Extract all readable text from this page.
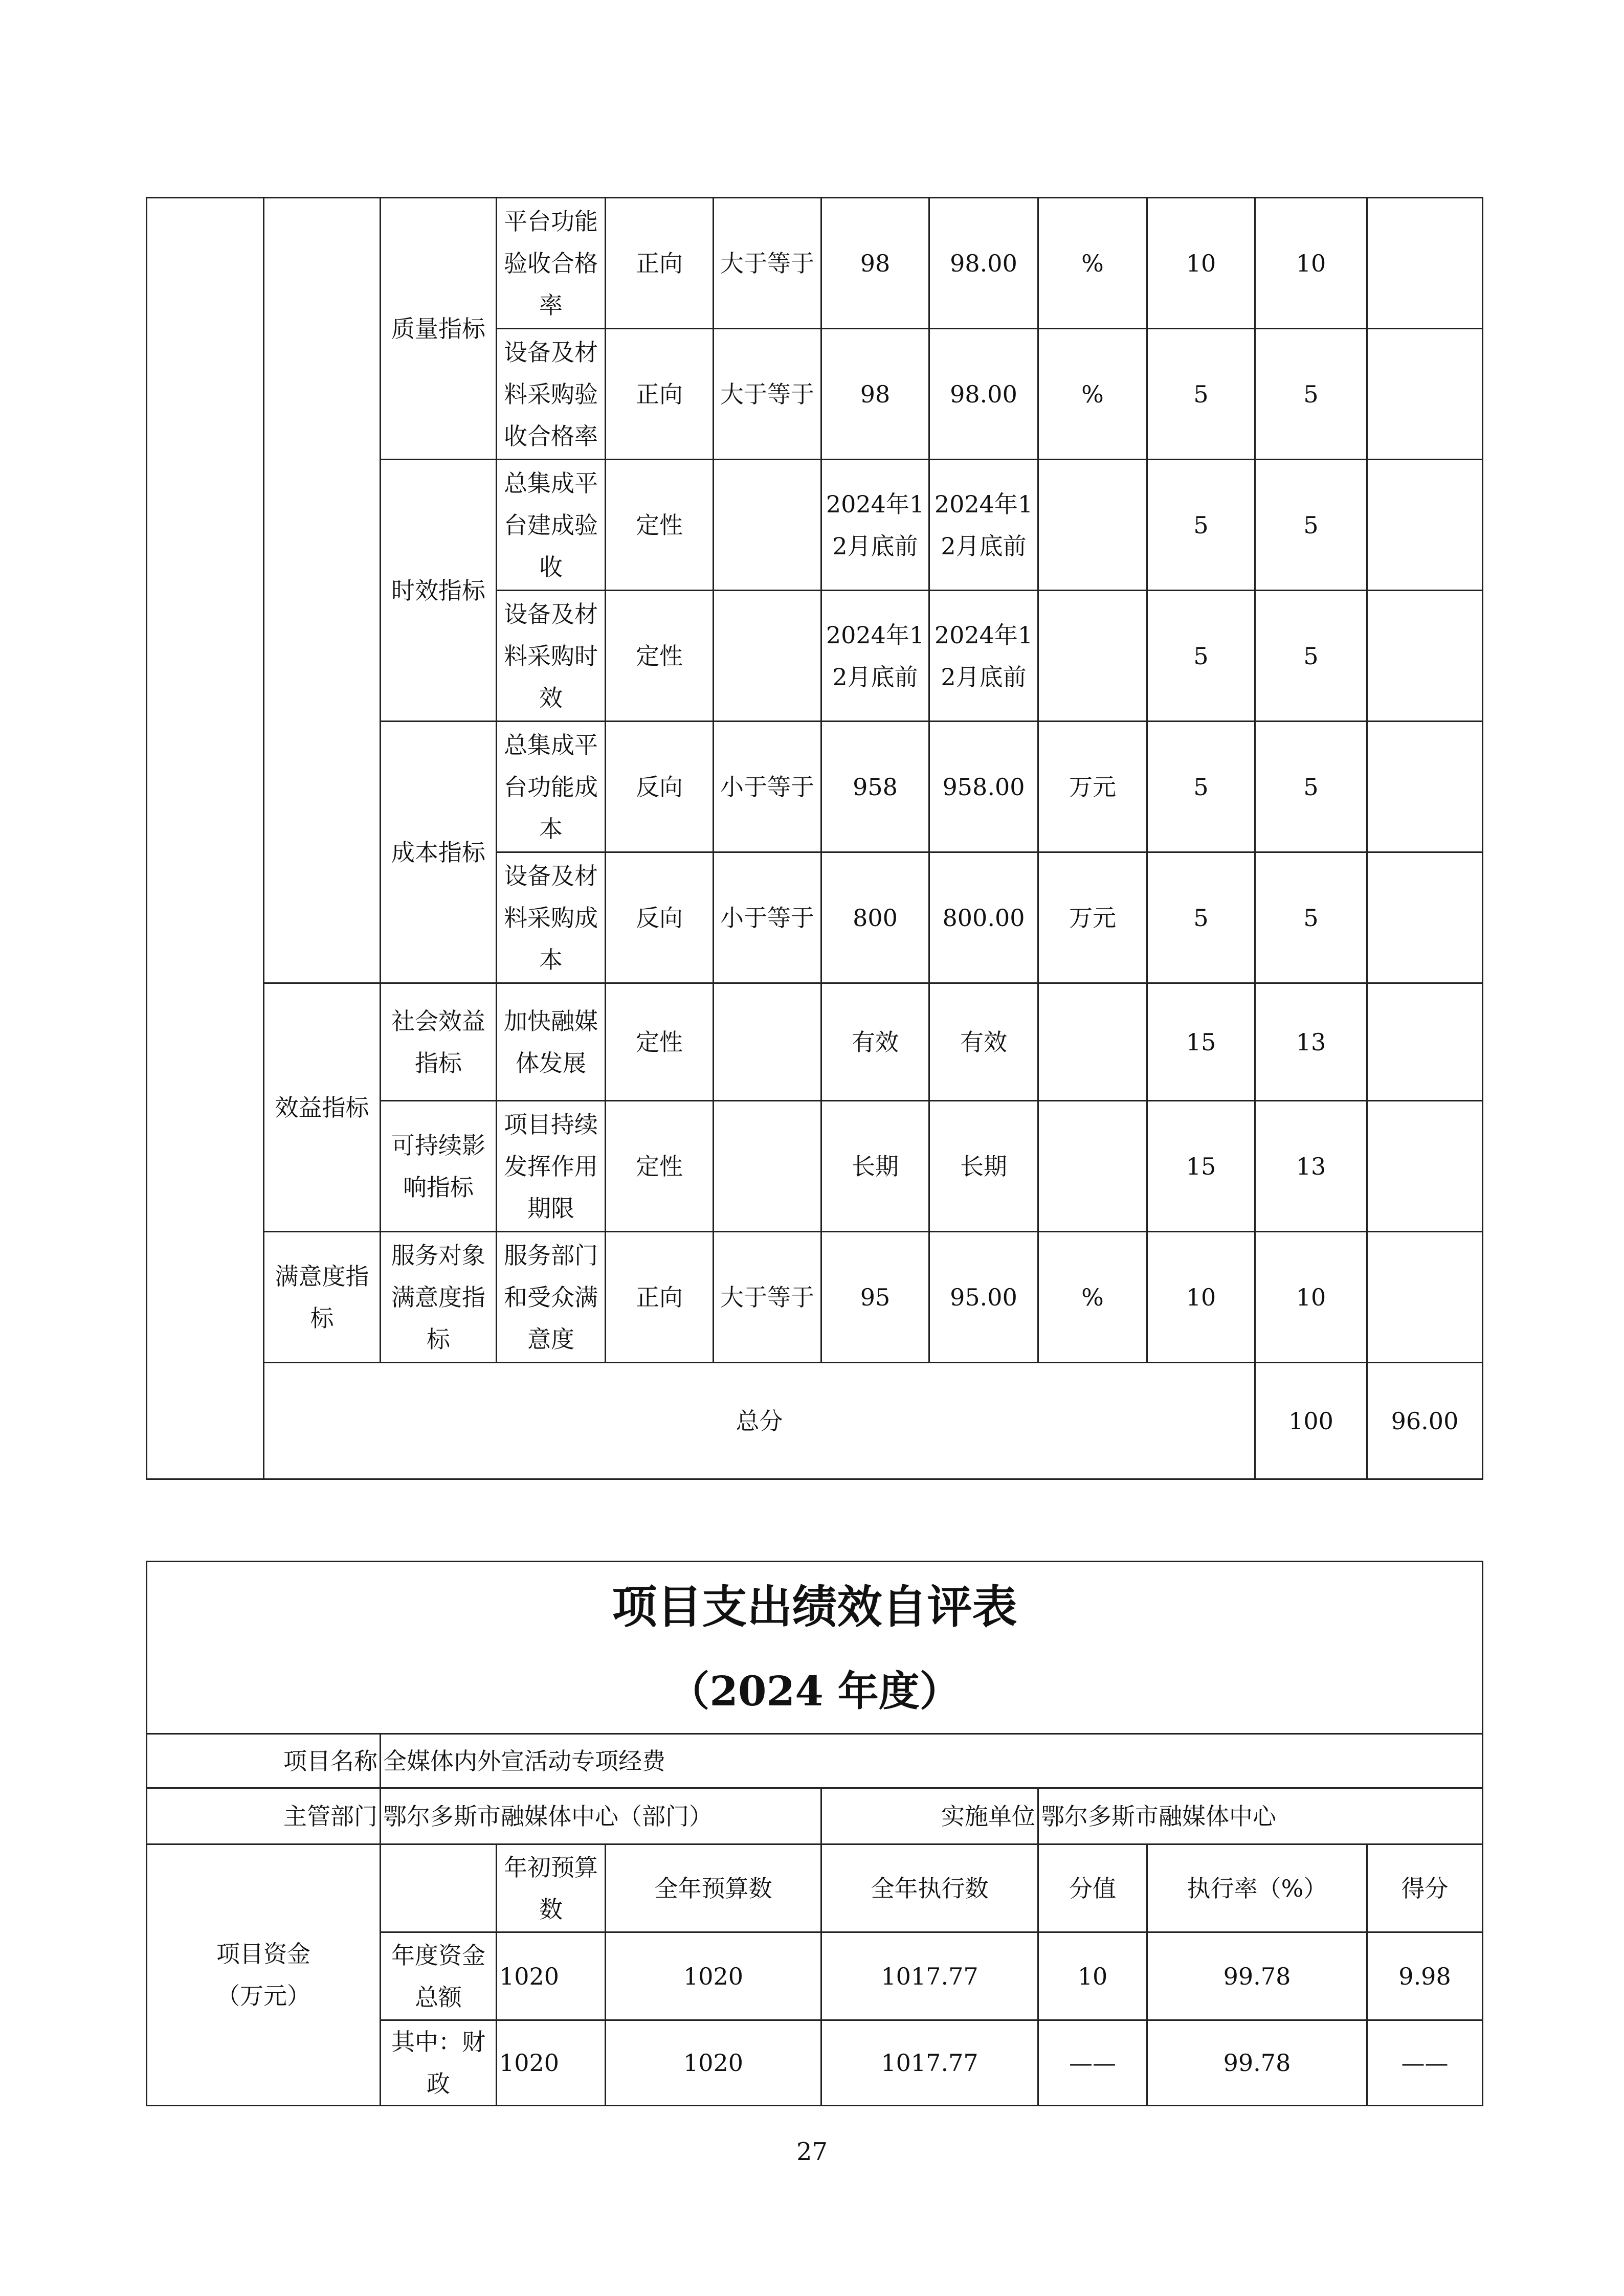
		质量指标	平台功能验收合格率	正向	大于等于	98	98.00	%	10	10		
			设备及材料采购验收合格率	正向	大于等于	98	98.00	%	5	5		
		时效指标	总集成平台建成验收	定性		2024年12月底前	2024年12月底前		5	5		
			设备及材料采购时效	定性		2024年12月底前	2024年12月底前		5	5		
		成本指标	总集成平台功能成本	反向	小于等于	958	958.00	万元	5	5		
			设备及材料采购成本	反向	小于等于	800	800.00	万元	5	5		
	效益指标	社会效益指标	加快融媒体发展	定性		有效	有效		15	13		
		可持续影响指标	项目持续发挥作用期限	定性		长期	长期		15	13		
	满意度指标	服务对象满意度指标	服务部门和受众满意度	正向	大于等于	95	95.00	%	10	10		
	总分									100	96.00	
项目支出绩效自评表
（2024 年度）							

项目名称	全媒体内外宣活动专项经费						
主管部门	鄂尔多斯市融媒体中心（部门）			实施单位	鄂尔多斯市融媒体中心		
项目资金（万元）		年初预算数	全年预算数	全年执行数	分值	执行率（%）	得分
	年度资金总额	1020	1020	1017.77	10	99.78	9.98
	其中：财政	1020	1020	1017.77	——	99.78	——
27
